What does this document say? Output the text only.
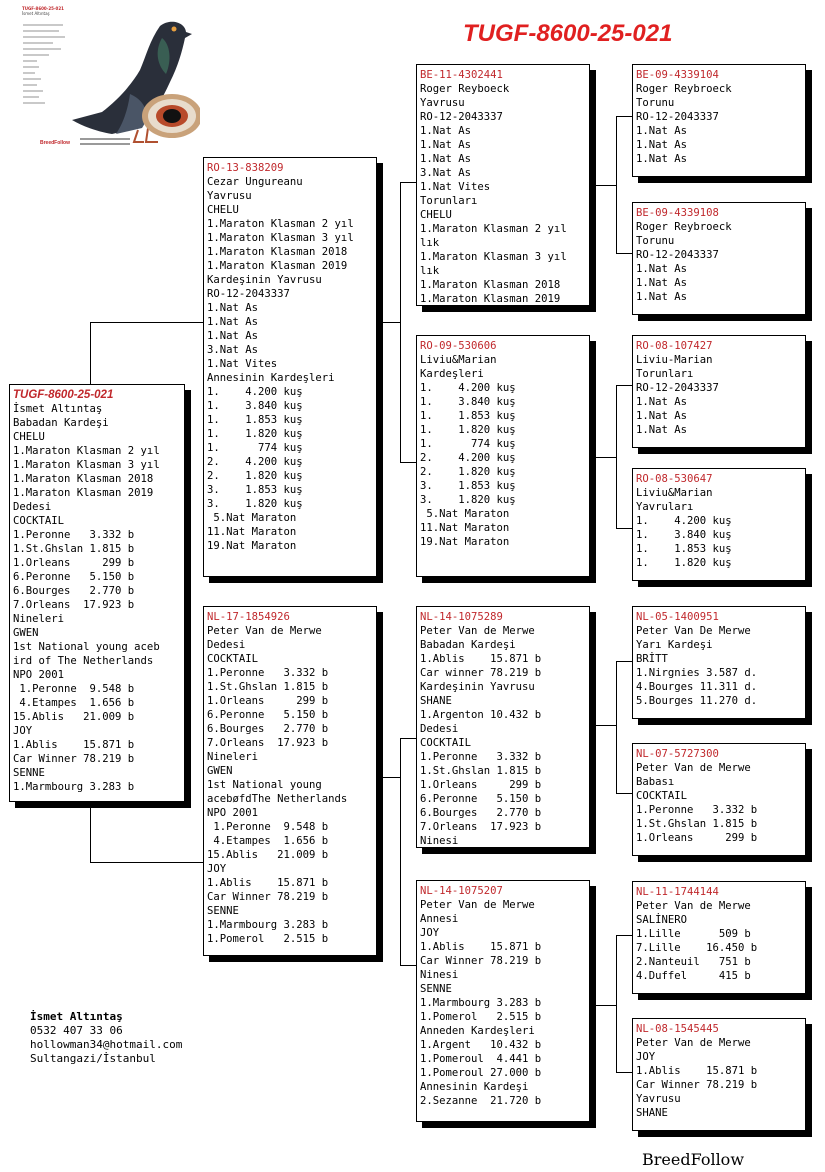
TUGF-8600-25-021
İsmet Altıntaş
BreedFollow
TUGF-8600-25-021
TUGF-8600-25-021
İsmet Altıntaş
Babadan Kardeşi
CHELU
1.Maraton Klasman 2 yıl
1.Maraton Klasman 3 yıl
1.Maraton Klasman 2018
1.Maraton Klasman 2019
Dedesi
COCKTAIL
1.Peronne   3.332 b
1.St.Ghslan 1.815 b
1.Orleans     299 b
6.Peronne   5.150 b
6.Bourges   2.770 b
7.Orleans  17.923 b
Nineleri
GWEN
1st National young aceb
ird of The Netherlands
NPO 2001
1.Peronne  9.548 b
4.Etampes  1.656 b
15.Ablis   21.009 b
JOY
1.Ablis    15.871 b
Car Winner 78.219 b
SENNE
1.Marmbourg 3.283 b
RO-13-838209
Cezar Ungureanu
Yavrusu
CHELU
1.Maraton Klasman 2 yıl
1.Maraton Klasman 3 yıl
1.Maraton Klasman 2018
1.Maraton Klasman 2019
Kardeşinin Yavrusu
RO-12-2043337
1.Nat As
1.Nat As
1.Nat As
3.Nat As
1.Nat Vites
Annesinin Kardeşleri
1.    4.200 kuş
1.    3.840 kuş
1.    1.853 kuş
1.    1.820 kuş
1.      774 kuş
2.    4.200 kuş
2.    1.820 kuş
3.    1.853 kuş
3.    1.820 kuş
5.Nat Maraton
11.Nat Maraton
19.Nat Maraton
NL-17-1854926
Peter Van de Merwe
Dedesi
COCKTAIL
1.Peronne   3.332 b
1.St.Ghslan 1.815 b
1.Orleans     299 b
6.Peronne   5.150 b
6.Bourges   2.770 b
7.Orleans  17.923 b
Nineleri
GWEN
1st National young
acebøfdThe Netherlands
NPO 2001
1.Peronne  9.548 b
4.Etampes  1.656 b
15.Ablis   21.009 b
JOY
1.Ablis    15.871 b
Car Winner 78.219 b
SENNE
1.Marmbourg 3.283 b
1.Pomerol   2.515 b
BE-11-4302441
Roger Reyboeck
Yavrusu
RO-12-2043337
1.Nat As
1.Nat As
1.Nat As
3.Nat As
1.Nat Vites
Torunları
CHELU
1.Maraton Klasman 2 yıl
lık
1.Maraton Klasman 3 yıl
lık
1.Maraton Klasman 2018
1.Maraton Klasman 2019
RO-09-530606
Liviu&Marian
Kardeşleri
1.    4.200 kuş
1.    3.840 kuş
1.    1.853 kuş
1.    1.820 kuş
1.      774 kuş
2.    4.200 kuş
2.    1.820 kuş
3.    1.853 kuş
3.    1.820 kuş
5.Nat Maraton
11.Nat Maraton
19.Nat Maraton
NL-14-1075289
Peter Van de Merwe
Babadan Kardeşi
1.Ablis    15.871 b
Car winner 78.219 b
Kardeşinin Yavrusu
SHANE
1.Argenton 10.432 b
Dedesi
COCKTAIL
1.Peronne   3.332 b
1.St.Ghslan 1.815 b
1.Orleans     299 b
6.Peronne   5.150 b
6.Bourges   2.770 b
7.Orleans  17.923 b
Ninesi
NL-14-1075207
Peter Van de Merwe
Annesi
JOY
1.Ablis    15.871 b
Car Winner 78.219 b
Ninesi
SENNE
1.Marmbourg 3.283 b
1.Pomerol   2.515 b
Anneden Kardeşleri
1.Argent   10.432 b
1.Pomeroul  4.441 b
1.Pomeroul 27.000 b
Annesinin Kardeşi
2.Sezanne  21.720 b
BE-09-4339104
Roger Reybroeck
Torunu
RO-12-2043337
1.Nat As
1.Nat As
1.Nat As
BE-09-4339108
Roger Reybroeck
Torunu
RO-12-2043337
1.Nat As
1.Nat As
1.Nat As
RO-08-107427
Liviu-Marian
Torunları
RO-12-2043337
1.Nat As
1.Nat As
1.Nat As
RO-08-530647
Liviu&Marian
Yavruları
1.    4.200 kuş
1.    3.840 kuş
1.    1.853 kuş
1.    1.820 kuş
NL-05-1400951
Peter Van De Merwe
Yarı Kardeşi
BRİTT
1.Nirgnies 3.587 d.
4.Bourges 11.311 d.
5.Bourges 11.270 d.
NL-07-5727300
Peter Van de Merwe
Babası
COCKTAIL
1.Peronne   3.332 b
1.St.Ghslan 1.815 b
1.Orleans     299 b
NL-11-1744144
Peter Van de Merwe
SALİNERO
1.Lille      509 b
7.Lille    16.450 b
2.Nanteuil   751 b
4.Duffel     415 b
NL-08-1545445
Peter Van de Merwe
JOY
1.Ablis    15.871 b
Car Winner 78.219 b
Yavrusu
SHANE
İsmet Altıntaş
0532 407 33 06
hollowman34@hotmail.com
Sultangazi/İstanbul
BreedFollow
